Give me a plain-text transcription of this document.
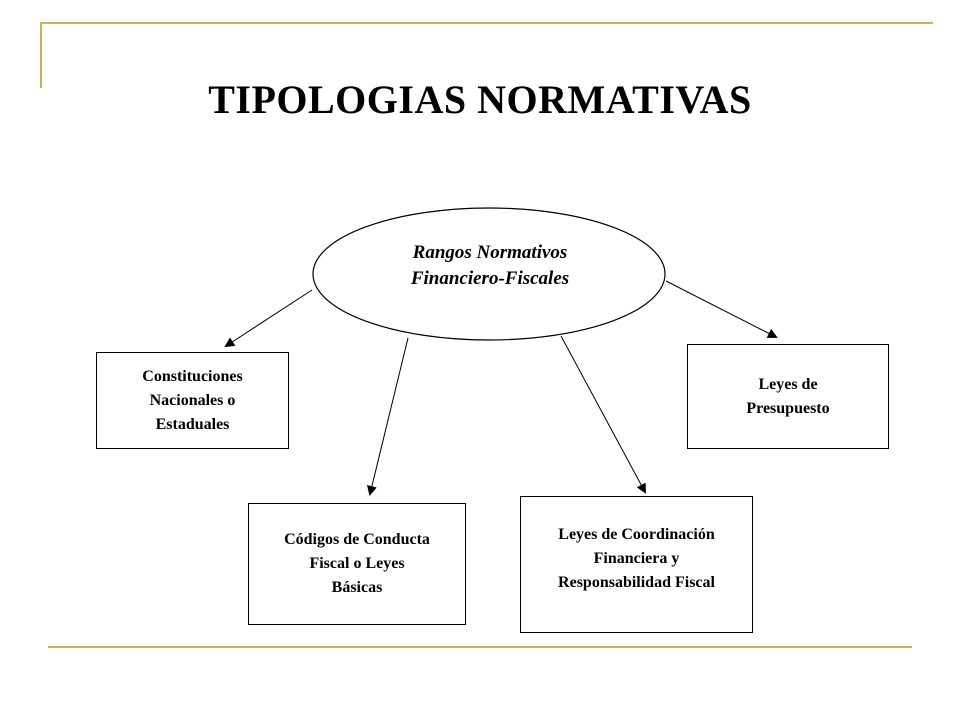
TIPOLOGIAS NORMATIVAS
Rangos Normativos
Financiero-Fiscales
Constituciones
Nacionales o
Estaduales
Leyes de
Presupuesto
Códigos de Conducta
Fiscal o Leyes
Básicas
Leyes de Coordinación
Financiera y
Responsabilidad Fiscal
